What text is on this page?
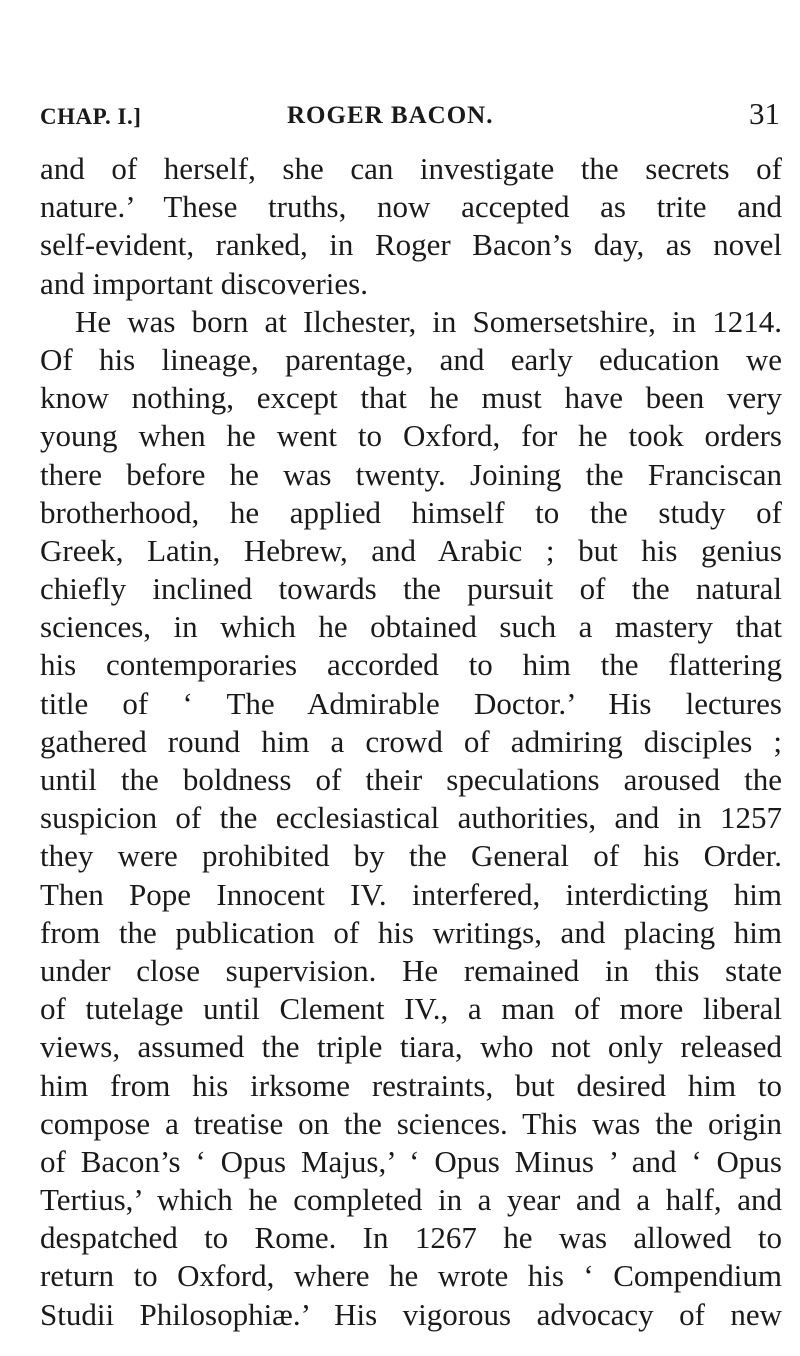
CHAP. I.]	ROGER BACON.	31
and of herself, she can investigate the secrets of
nature.’ These truths, now accepted as trite and
self-evident, ranked, in Roger Bacon’s day, as novel
and important discoveries.
He was born at Ilchester, in Somersetshire, in 1214.
Of his lineage, parentage, and early education we
know nothing, except that he must have been very
young when he went to Oxford, for he took orders
there before he was twenty. Joining the Franciscan
brotherhood, he applied himself to the study of
Greek, Latin, Hebrew, and Arabic ; but his genius
chiefly inclined towards the pursuit of the natural
sciences, in which he obtained such a mastery that
his contemporaries accorded to him the flattering
title of ‘ The Admirable Doctor.’ His lectures
gathered round him a crowd of admiring disciples ;
until the boldness of their speculations aroused the
suspicion of the ecclesiastical authorities, and in 1257
they were prohibited by the General of his Order.
Then Pope Innocent IV. interfered, interdicting him
from the publication of his writings, and placing him
under close supervision. He remained in this state
of tutelage until Clement IV., a man of more liberal
views, assumed the triple tiara, who not only released
him from his irksome restraints, but desired him to
compose a treatise on the sciences. This was the origin
of Bacon’s ‘ Opus Majus,’ ‘ Opus Minus ’ and ‘ Opus
Tertius,’ which he completed in a year and a half, and
despatched to Rome. In 1267 he was allowed to
return to Oxford, where he wrote his ‘ Compendium
Studii Philosophiæ.’ His vigorous advocacy of new
